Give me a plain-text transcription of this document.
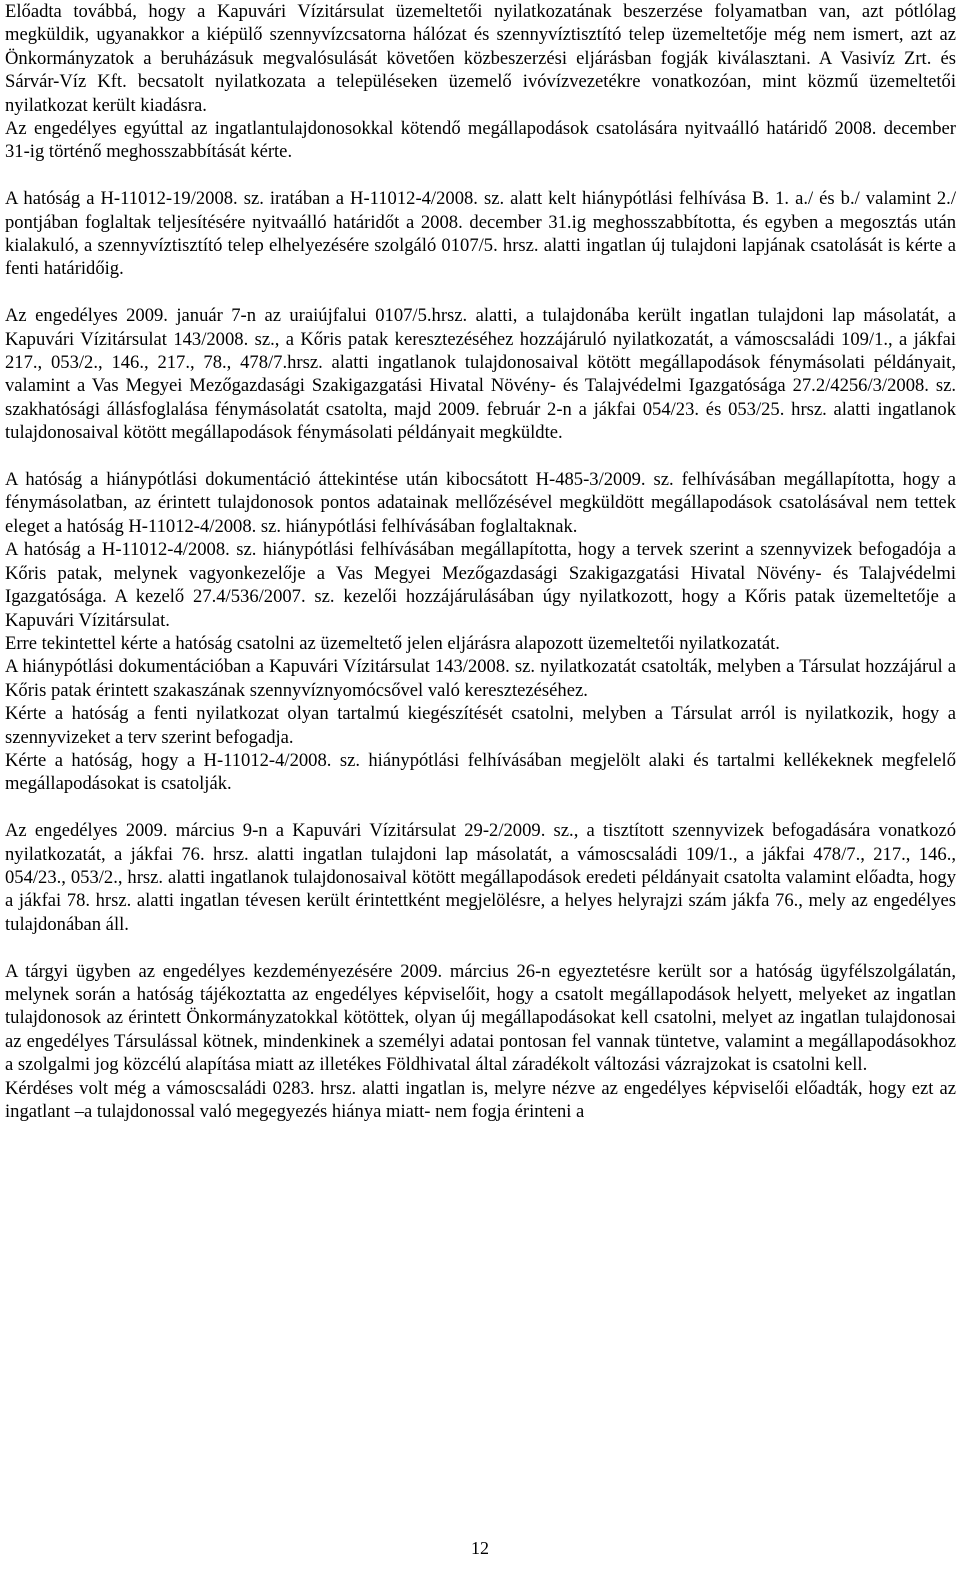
Előadta továbbá, hogy a Kapuvári Vízitársulat üzemeltetői nyilatkozatának beszerzése folyamatban van, azt pótlólag megküldik, ugyanakkor a kiépülő szennyvízcsatorna hálózat és szennyvíztisztító telep üzemeltetője még nem ismert, azt az Önkormányzatok a beruházásuk megvalósulását követően közbeszerzési eljárásban fogják kiválasztani. A Vasivíz Zrt. és Sárvár-Víz Kft. becsatolt nyilatkozata a településeken üzemelő ivóvízvezetékre vonatkozóan, mint közmű üzemeltetői nyilatkozat került kiadásra.

Az engedélyes egyúttal az ingatlantulajdonosokkal kötendő megállapodások csatolására nyitvaálló határidő 2008. december 31-ig történő meghosszabbítását kérte.

A hatóság a H-11012-19/2008. sz. iratában a H-11012-4/2008. sz. alatt kelt hiánypótlási felhívása B. 1. a./ és b./ valamint 2./ pontjában foglaltak teljesítésére nyitvaálló határidőt a 2008. december 31.ig meghosszabbította, és egyben a megosztás után kialakuló, a szennyvíztisztító telep elhelyezésére szolgáló 0107/5. hrsz. alatti ingatlan új tulajdoni lapjának csatolását is kérte a fenti határidőig.

Az engedélyes 2009. január 7-n az uraiújfalui 0107/5.hrsz. alatti, a tulajdonába került ingatlan tulajdoni lap másolatát, a Kapuvári Vízitársulat 143/2008. sz., a Kőris patak keresztezéséhez hozzájáruló nyilatkozatát, a vámoscsaládi 109/1., a jákfai 217., 053/2., 146., 217., 78., 478/7.hrsz. alatti ingatlanok tulajdonosaival kötött megállapodások fénymásolati példányait, valamint a Vas Megyei Mezőgazdasági Szakigazgatási Hivatal Növény- és Talajvédelmi Igazgatósága 27.2/4256/3/2008. sz. szakhatósági állásfoglalása fénymásolatát csatolta, majd 2009. február 2-n a jákfai 054/23. és 053/25. hrsz. alatti ingatlanok tulajdonosaival kötött megállapodások fénymásolati példányait megküldte.

A hatóság a hiánypótlási dokumentáció áttekintése után kibocsátott H-485-3/2009. sz. felhívásában megállapította, hogy a fénymásolatban, az érintett tulajdonosok pontos adatainak mellőzésével megküldött megállapodások csatolásával nem tettek eleget a hatóság H-11012-4/2008. sz. hiánypótlási felhívásában foglaltaknak.

A hatóság a H-11012-4/2008. sz. hiánypótlási felhívásában megállapította, hogy a tervek szerint a szennyvizek befogadója a Kőris patak, melynek vagyonkezelője a Vas Megyei Mezőgazdasági Szakigazgatási Hivatal Növény- és Talajvédelmi Igazgatósága. A kezelő 27.4/536/2007. sz. kezelői hozzájárulásában úgy nyilatkozott, hogy a Kőris patak üzemeltetője a Kapuvári Vízitársulat.

Erre tekintettel kérte a hatóság csatolni az üzemeltető jelen eljárásra alapozott üzemeltetői nyilatkozatát.

A hiánypótlási dokumentációban a Kapuvári Vízitársulat 143/2008. sz. nyilatkozatát csatolták, melyben a Társulat hozzájárul a Kőris patak érintett szakaszának szennyvíznyomócsővel való keresztezéséhez.

Kérte a hatóság a fenti nyilatkozat olyan tartalmú kiegészítését csatolni, melyben a Társulat arról is nyilatkozik, hogy a szennyvizeket a terv szerint befogadja.

Kérte a hatóság, hogy a H-11012-4/2008. sz. hiánypótlási felhívásában megjelölt alaki és tartalmi kellékeknek megfelelő megállapodásokat is csatolják.

Az engedélyes 2009. március 9-n a Kapuvári Vízitársulat 29-2/2009. sz., a tisztított szennyvizek befogadására vonatkozó nyilatkozatát, a jákfai 76. hrsz. alatti ingatlan tulajdoni lap másolatát, a vámoscsaládi 109/1., a jákfai 478/7., 217., 146., 054/23., 053/2., hrsz. alatti ingatlanok tulajdonosaival kötött megállapodások eredeti példányait csatolta valamint előadta, hogy a jákfai 78. hrsz. alatti ingatlan tévesen került érintettként megjelölésre, a helyes helyrajzi szám jákfa 76., mely az engedélyes tulajdonában áll.

A tárgyi ügyben az engedélyes kezdeményezésére 2009. március 26-n egyeztetésre került sor a hatóság ügyfélszolgálatán, melynek során a hatóság tájékoztatta az engedélyes képviselőit, hogy a csatolt megállapodások helyett, melyeket az ingatlan tulajdonosok az érintett Önkormányzatokkal kötöttek, olyan új megállapodásokat kell csatolni, melyet az ingatlan tulajdonosai az engedélyes Társulással kötnek, mindenkinek a személyi adatai pontosan fel vannak tüntetve, valamint a megállapodásokhoz a szolgalmi jog közcélú alapítása miatt az illetékes Földhivatal által záradékolt változási vázrajzokat is csatolni kell.

Kérdéses volt még a vámoscsaládi 0283. hrsz. alatti ingatlan is, melyre nézve az engedélyes képviselői előadták, hogy ezt az ingatlant –a tulajdonossal való megegyezés hiánya miatt- nem fogja érinteni a

12
